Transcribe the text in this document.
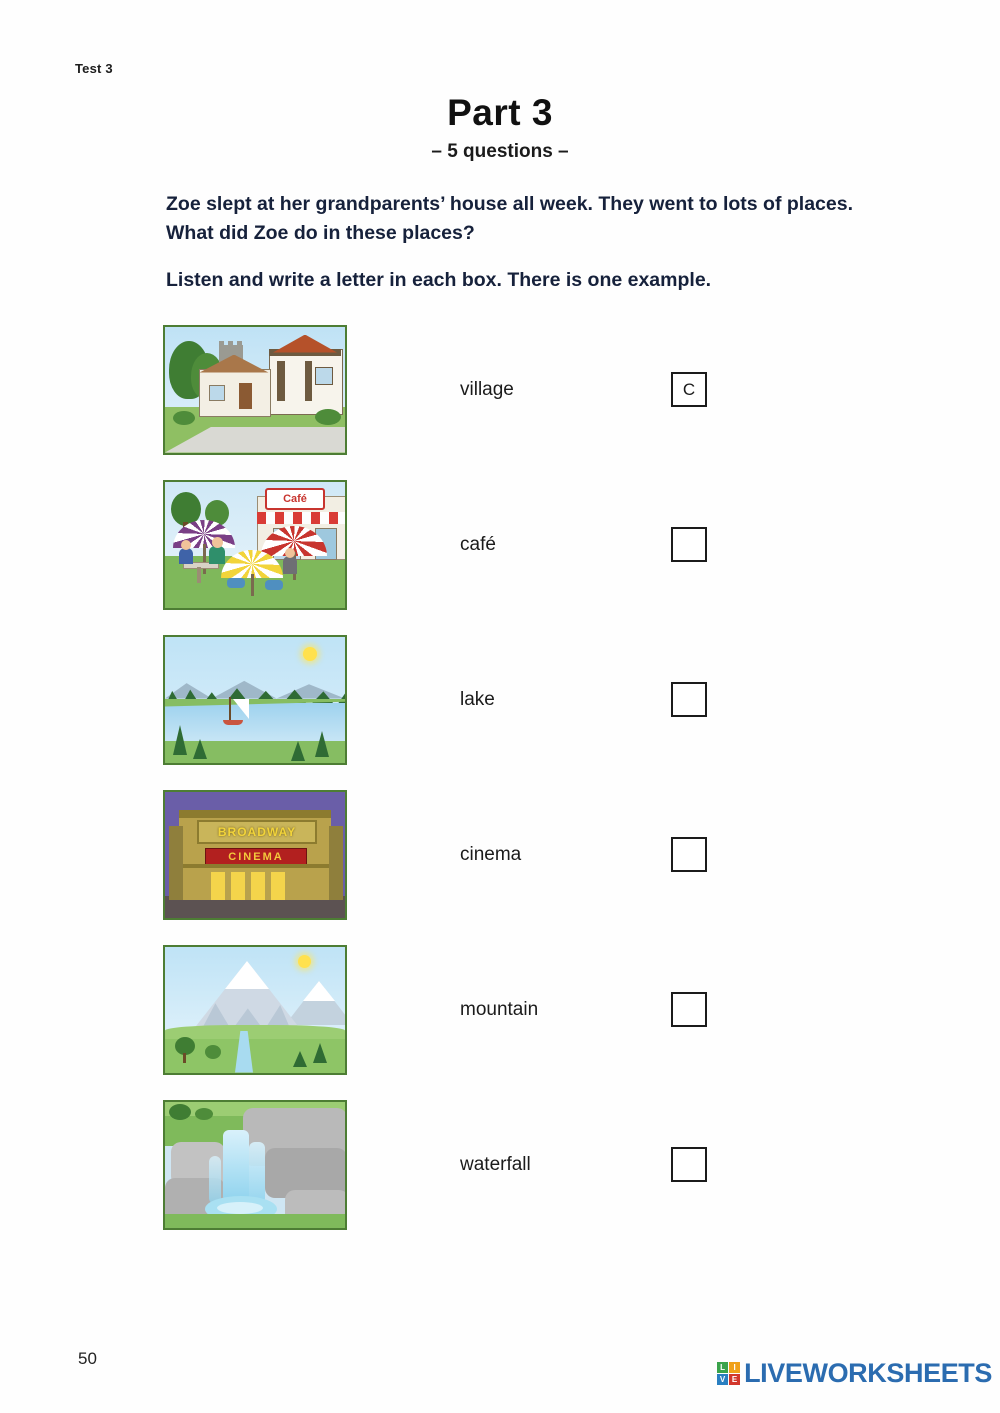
Test 3
Part 3
– 5 questions –
Zoe slept at her grandparents’ house all week. They went to lots of places. What did Zoe do in these places?
Listen and write a letter in each box. There is one example.
village	C
Café
café
lake
BROADWAY
CINEMA	cinema
mountain
waterfall
50	L	I
V E LIVEWORKSHEETS
